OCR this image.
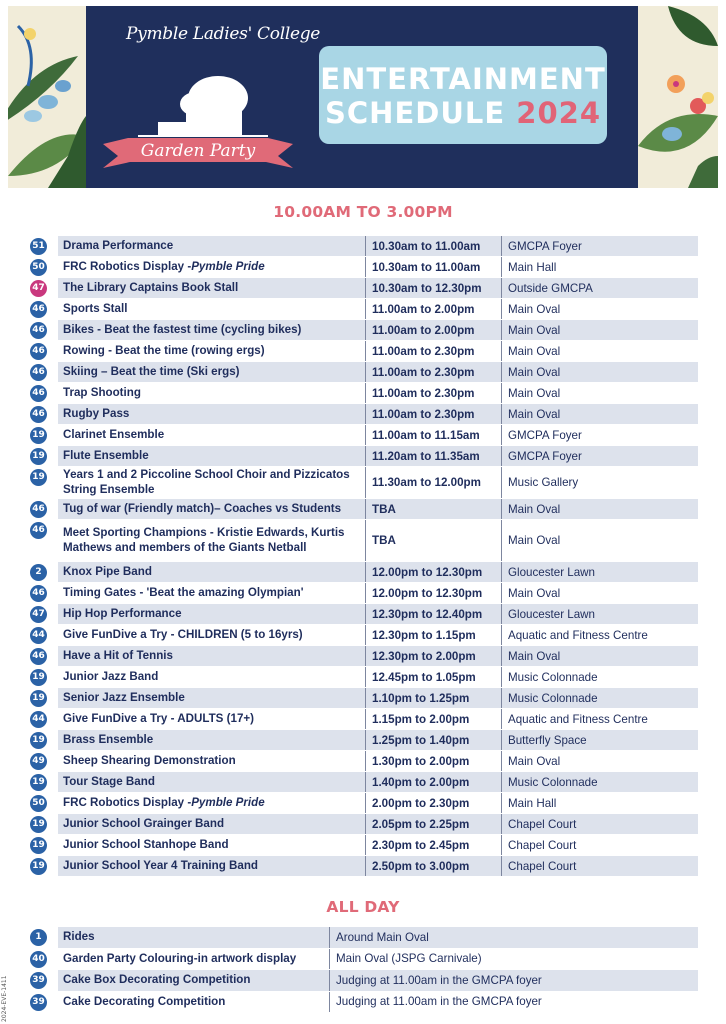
Pymble Ladies' College
Garden Party
ENTERTAINMENT
SCHEDULE 2024
10.00AM TO 3.00PM
51 Drama Performance	10.30am to 11.00am	GMCPA Foyer
50 FRC Robotics Display - Pymble Pride	10.30am to 11.00am	Main Hall
47 The Library Captains Book Stall	10.30am to 12.30pm	Outside GMCPA
46 Sports Stall	11.00am to 2.00pm	Main Oval
46 Bikes - Beat the fastest time (cycling bikes)	11.00am to 2.00pm	Main Oval
46 Rowing - Beat the time (rowing ergs)	11.00am to 2.30pm	Main Oval
46 Skiing – Beat the time (Ski ergs)	11.00am to 2.30pm	Main Oval
46 Trap Shooting	11.00am to 2.30pm	Main Oval
46 Rugby Pass	11.00am to 2.30pm	Main Oval
19 Clarinet Ensemble	11.00am to 11.15am	GMCPA Foyer
19 Flute Ensemble	11.20am to 11.35am	GMCPA Foyer
19 Years 1 and 2 Piccoline School Choir and Pizzicatos String Ensemble	11.30am to 12.00pm	Music Gallery
46 Tug of war (Friendly match)– Coaches vs Students	TBA	Main Oval
46 Meet Sporting Champions - Kristie Edwards, Kurtis Mathews and members of the Giants Netball	TBA	Main Oval
2	Knox Pipe Band	12.00pm to 12.30pm	Gloucester Lawn
46 Timing Gates - 'Beat the amazing Olympian'	12.00pm to 12.30pm	Main Oval
47 Hip Hop Performance	12.30pm to 12.40pm	Gloucester Lawn
44 Give FunDive a Try - CHILDREN (5 to 16yrs)	12.30pm to 1.15pm	Aquatic and Fitness Centre
46 Have a Hit of Tennis	12.30pm to 2.00pm	Main Oval
19 Junior Jazz Band	12.45pm to 1.05pm	Music Colonnade
19 Senior Jazz Ensemble	1.10pm to 1.25pm	Music Colonnade
44 Give FunDive a Try - ADULTS (17+)	1.15pm to 2.00pm	Aquatic and Fitness Centre
19 Brass Ensemble	1.25pm to 1.40pm	Butterfly Space
49 Sheep Shearing Demonstration	1.30pm to 2.00pm	Main Oval
19 Tour Stage Band	1.40pm to 2.00pm	Music Colonnade
50 FRC Robotics Display - Pymble Pride	2.00pm to 2.30pm	Main Hall
19 Junior School Grainger Band	2.05pm to 2.25pm	Chapel Court
19 Junior School Stanhope Band	2.30pm to 2.45pm	Chapel Court
19 Junior School Year 4 Training Band	2.50pm to 3.00pm	Chapel Court
ALL DAY
1	Rides	Around Main Oval
40	Garden Party Colouring-in artwork display	Main Oval (JSPG Carnivale)
39	Cake Box Decorating Competition	Judging at 11.00am in the GMCPA foyer
39	Cake Decorating Competition	Judging at 11.00am in the GMCPA foyer
2024-EVE-1411
